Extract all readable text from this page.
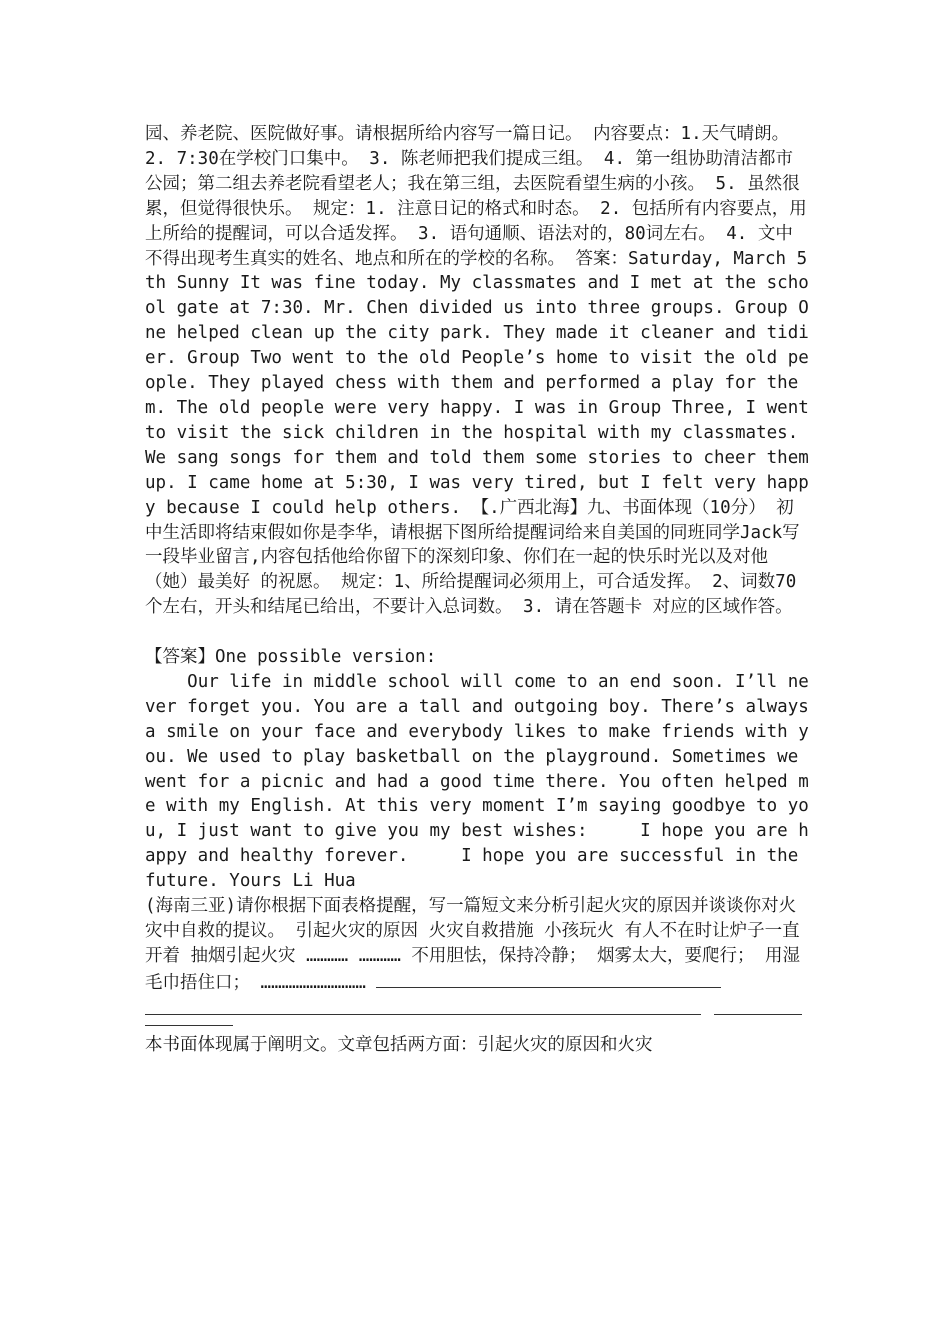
园、养老院、医院做好事。请根据所给内容写一篇日记。 内容要点：1.天气晴朗。 2. 7:30在学校门口集中。 3. 陈老师把我们提成三组。 4. 第一组协助清洁都市公园；第二组去养老院看望老人；我在第三组，去医院看望生病的小孩。 5. 虽然很累，但觉得很快乐。 规定：1. 注意日记的格式和时态。 2. 包括所有内容要点，用上所给的提醒词，可以合适发挥。 3. 语句通顺、语法对的，80词左右。 4. 文中不得出现考生真实的姓名、地点和所在的学校的名称。 答案：Saturday, March 5th Sunny It was fine today. My classmates and I met at the school gate at 7:30. Mr. Chen divided us into three groups. Group One helped clean up the city park. They made it cleaner and tidier. Group Two went to the old People’s home to visit the old people. They played chess with them and performed a play for them. The old people were very happy. I was in Group Three, I went to visit the sick children in the hospital with my classmates. We sang songs for them and told them some stories to cheer them up. I came home at 5:30, I was very tired, but I felt very happy because I could help others. 【.广西北海】九、书面体现（10分） 初中生活即将结束假如你是李华，请根据下图所给提醒词给来自美国的同班同学Jack写一段毕业留言,内容包括他给你留下的深刻印象、你们在一起的快乐时光以及对他（她）最美好 的祝愿。 规定：1、所给提醒词必须用上，可合适发挥。 2、词数70个左右，开头和结尾已给出，不要计入总词数。 3. 请在答题卡 对应的区域作答。

【答案】One possible version:

Our life in middle school will come to an end soon. I’ll never forget you. You are a tall and outgoing boy. There’s always a smile on your face and everybody likes to make friends with you. We used to play basketball on the playground. Sometimes we went for a picnic and had a good time there. You often helped me with my English. At this very moment I’m saying goodbye to you, I just want to give you my best wishes:     I hope you are happy and healthy forever.     I hope you are successful in the future. Yours Li Hua

(海南三亚)请你根据下面表格提醒，写一篇短文来分析引起火灾的原因并谈谈你对火灾中自救的提议。 引起火灾的原因 火灾自救措施 小孩玩火 有人不在时让炉子一直开着 抽烟引起火灾 ………… ………… 不用胆怯，保持冷静； 烟雾太大，要爬行； 用湿毛巾捂住口； …………………………

本书面体现属于阐明文。文章包括两方面：引起火灾的原因和火灾
